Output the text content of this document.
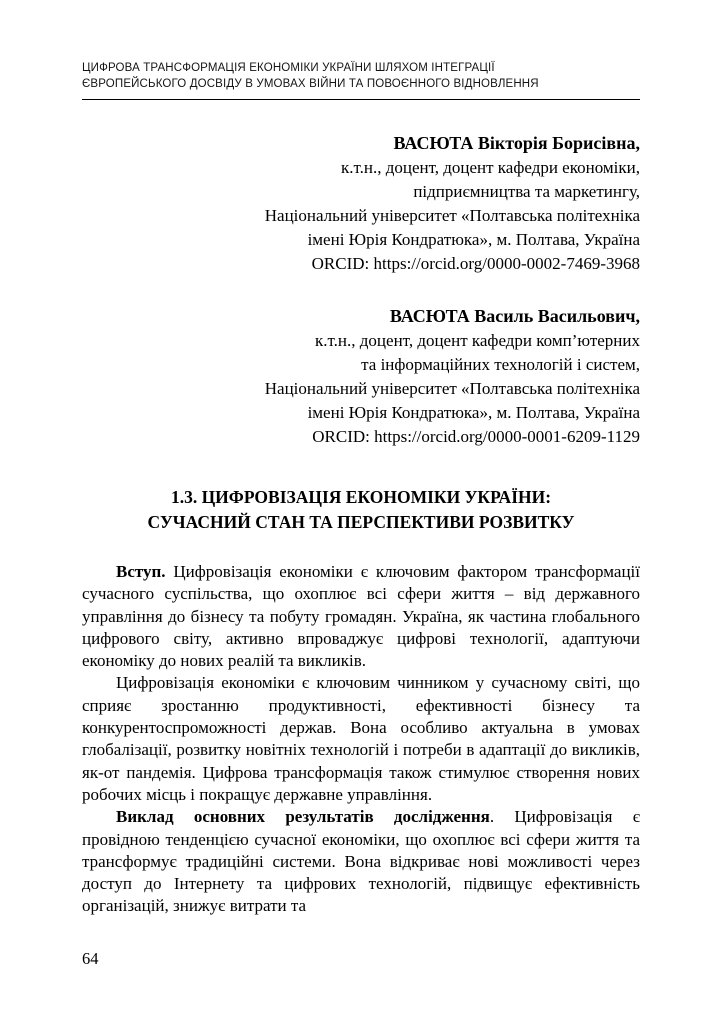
ЦИФРОВА ТРАНСФОРМАЦІЯ ЕКОНОМІКИ УКРАЇНИ ШЛЯХОМ ІНТЕГРАЦІЇ
ЄВРОПЕЙСЬКОГО ДОСВІДУ В УМОВАХ ВІЙНИ ТА ПОВОЄННОГО ВІДНОВЛЕННЯ
ВАСЮТА Вікторія Борисівна,
к.т.н., доцент, доцент кафедри економіки,
підприємництва та маркетингу,
Національний університет «Полтавська політехніка
імені Юрія Кондратюка», м. Полтава, Україна
ORCID: https://orcid.org/0000-0002-7469-3968
ВАСЮТА Василь Васильович,
к.т.н., доцент, доцент кафедри комп’ютерних
та інформаційних технологій і систем,
Національний університет «Полтавська політехніка
імені Юрія Кондратюка», м. Полтава, Україна
ORCID: https://orcid.org/0000-0001-6209-1129
1.3. ЦИФРОВІЗАЦІЯ ЕКОНОМІКИ УКРАЇНИ:
СУЧАСНИЙ СТАН ТА ПЕРСПЕКТИВИ РОЗВИТКУ

Вступ. Цифровізація економіки є ключовим фактором трансформації сучасного суспільства, що охоплює всі сфери життя – від державного управління до бізнесу та побуту громадян. Україна, як частина глобального цифрового світу, активно впроваджує цифрові технології, адаптуючи економіку до нових реалій та викликів.

Цифровізація економіки є ключовим чинником у сучасному світі, що сприяє зростанню продуктивності, ефективності бізнесу та конкурентоспроможності держав. Вона особливо актуальна в умовах глобалізації, розвитку новітніх технологій і потреби в адаптації до викликів, як-от пандемія. Цифрова трансформація також стимулює створення нових робочих місць і покращує державне управління.

Виклад основних результатів дослідження. Цифровізація є провідною тенденцією сучасної економіки, що охоплює всі сфери життя та трансформує традиційні системи. Вона відкриває нові можливості через доступ до Інтернету та цифрових технологій, підвищує ефективність організацій, знижує витрати та

64
